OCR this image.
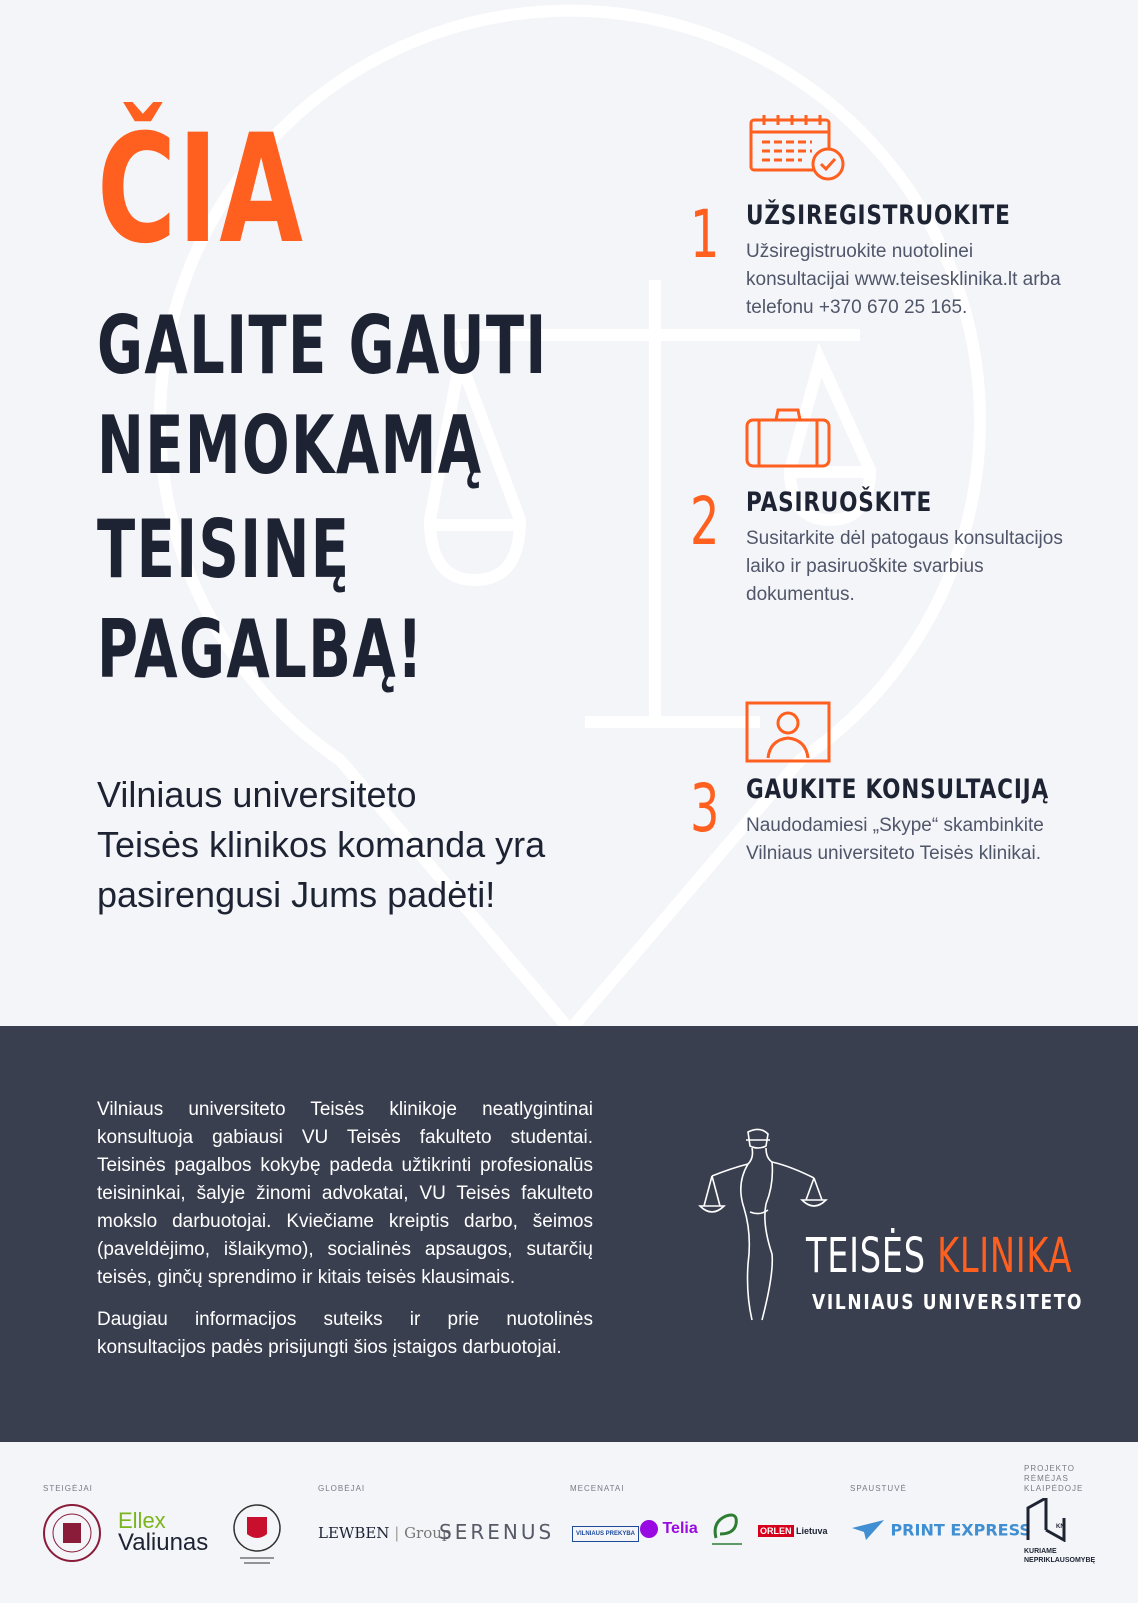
ČIA
GALITE GAUTI
NEMOKAMĄ
TEISINĘ
PAGALBĄ!

Vilniaus universiteto
Teisės klinikos komanda yra
pasirengusi Jums padėti!

1 UŽSIREGISTRUOKITE
Užsiregistruokite nuotolinei konsultacijai www.teisesklinika.lt arba telefonu +370 670 25 165.
2 PASIRUOŠKITE
Susitarkite dėl patogaus konsultacijos laiko ir pasiruoškite svarbius dokumentus.
3 GAUKITE KONSULTACIJĄ
Naudodamiesi „Skype“ skambinkite Vilniaus universiteto Teisės klinikai.

Vilniaus universiteto Teisės klinikoje neatlygintinai konsultuoja gabiausi VU Teisės fakulteto studentai. Teisinės pagalbos kokybę padeda užtikrinti profesionalūs teisininkai, šalyje žinomi advokatai, VU Teisės fakulteto mokslo darbuotojai. Kviečiame kreiptis darbo, šeimos (paveldėjimo, išlaikymo), socialinės apsaugos, sutarčių teisės, ginčų sprendimo ir kitais teisės klausimais.

Daugiau informacijos suteiks ir prie nuotolinės konsultacijos padės prisijungti šios įstaigos darbuotojai.

TEISĖS KLINIKA
VILNIAUS UNIVERSITETO
STEIGĖJAI	GLOBĖJAI	MECENATAI	SPAUSTUVĖ
PROJEKTO
RĖMĖJAS
KLAIPĖDOJE
Ellex
Valiunas	LEWBEN | Group
SERENUS	VILNIAUS PREKYBA	Telia	ORLEN Lietuva	PRINT EXPRESS	KN
KURIAME
NEPRIKLAUSOMYBĘ
